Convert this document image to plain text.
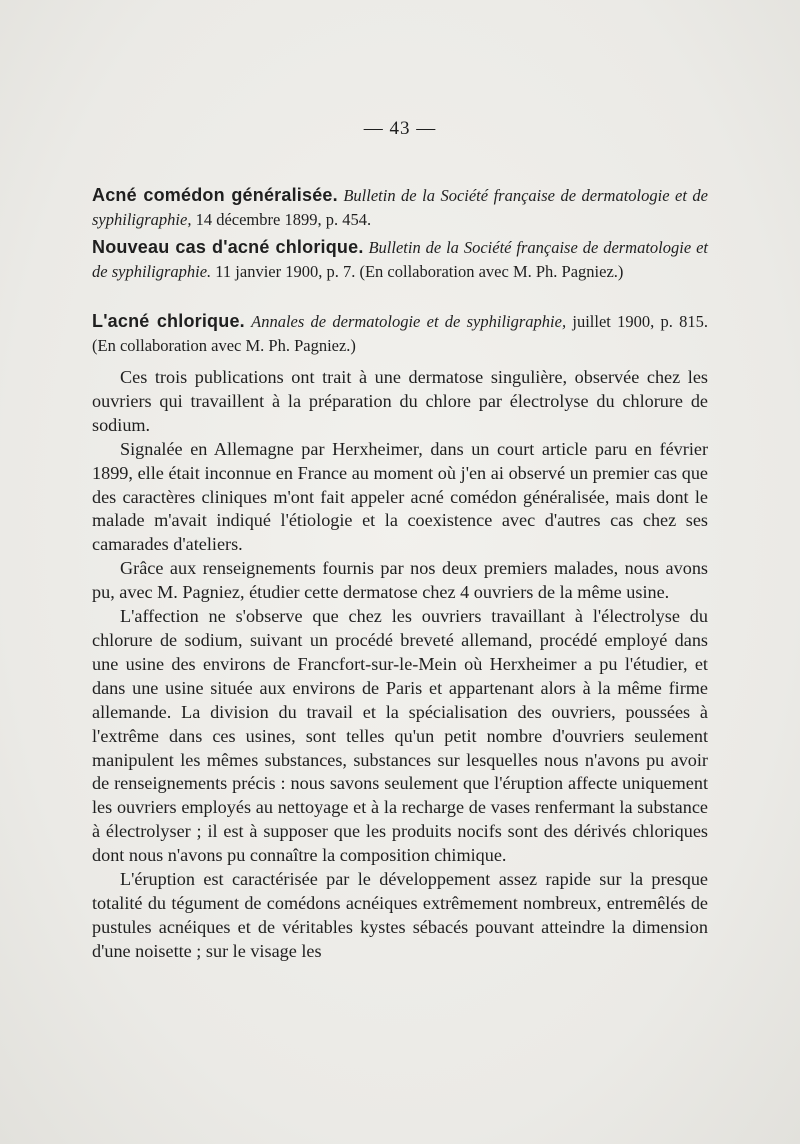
— 43 —
Acné comédon généralisée. Bulletin de la Société française de dermatologie et de syphiligraphie, 14 décembre 1899, p. 454.
Nouveau cas d'acné chlorique. Bulletin de la Société française de dermatologie et de syphiligraphie. 11 janvier 1900, p. 7. (En collaboration avec M. Ph. Pagniez.)
L'acné chlorique. Annales de dermatologie et de syphiligraphie, juillet 1900, p. 815. (En collaboration avec M. Ph. Pagniez.)

Ces trois publications ont trait à une dermatose singulière, observée chez les ouvriers qui travaillent à la préparation du chlore par électrolyse du chlorure de sodium.

Signalée en Allemagne par Herxheimer, dans un court article paru en février 1899, elle était inconnue en France au moment où j'en ai observé un premier cas que des caractères cliniques m'ont fait appeler acné comédon généralisée, mais dont le malade m'avait indiqué l'étiologie et la coexistence avec d'autres cas chez ses camarades d'ateliers.

Grâce aux renseignements fournis par nos deux premiers malades, nous avons pu, avec M. Pagniez, étudier cette dermatose chez 4 ouvriers de la même usine.

L'affection ne s'observe que chez les ouvriers travaillant à l'électrolyse du chlorure de sodium, suivant un procédé breveté allemand, procédé employé dans une usine des environs de Francfort-sur-le-Mein où Herxheimer a pu l'étudier, et dans une usine située aux environs de Paris et appartenant alors à la même firme allemande. La division du travail et la spécialisation des ouvriers, poussées à l'extrême dans ces usines, sont telles qu'un petit nombre d'ouvriers seulement manipulent les mêmes substances, substances sur lesquelles nous n'avons pu avoir de renseignements précis : nous savons seulement que l'éruption affecte uniquement les ouvriers employés au nettoyage et à la recharge de vases renfermant la substance à électrolyser ; il est à supposer que les produits nocifs sont des dérivés chloriques dont nous n'avons pu connaître la composition chimique.

L'éruption est caractérisée par le développement assez rapide sur la presque totalité du tégument de comédons acnéiques extrêmement nombreux, entremêlés de pustules acnéiques et de véritables kystes sébacés pouvant atteindre la dimension d'une noisette ; sur le visage les
